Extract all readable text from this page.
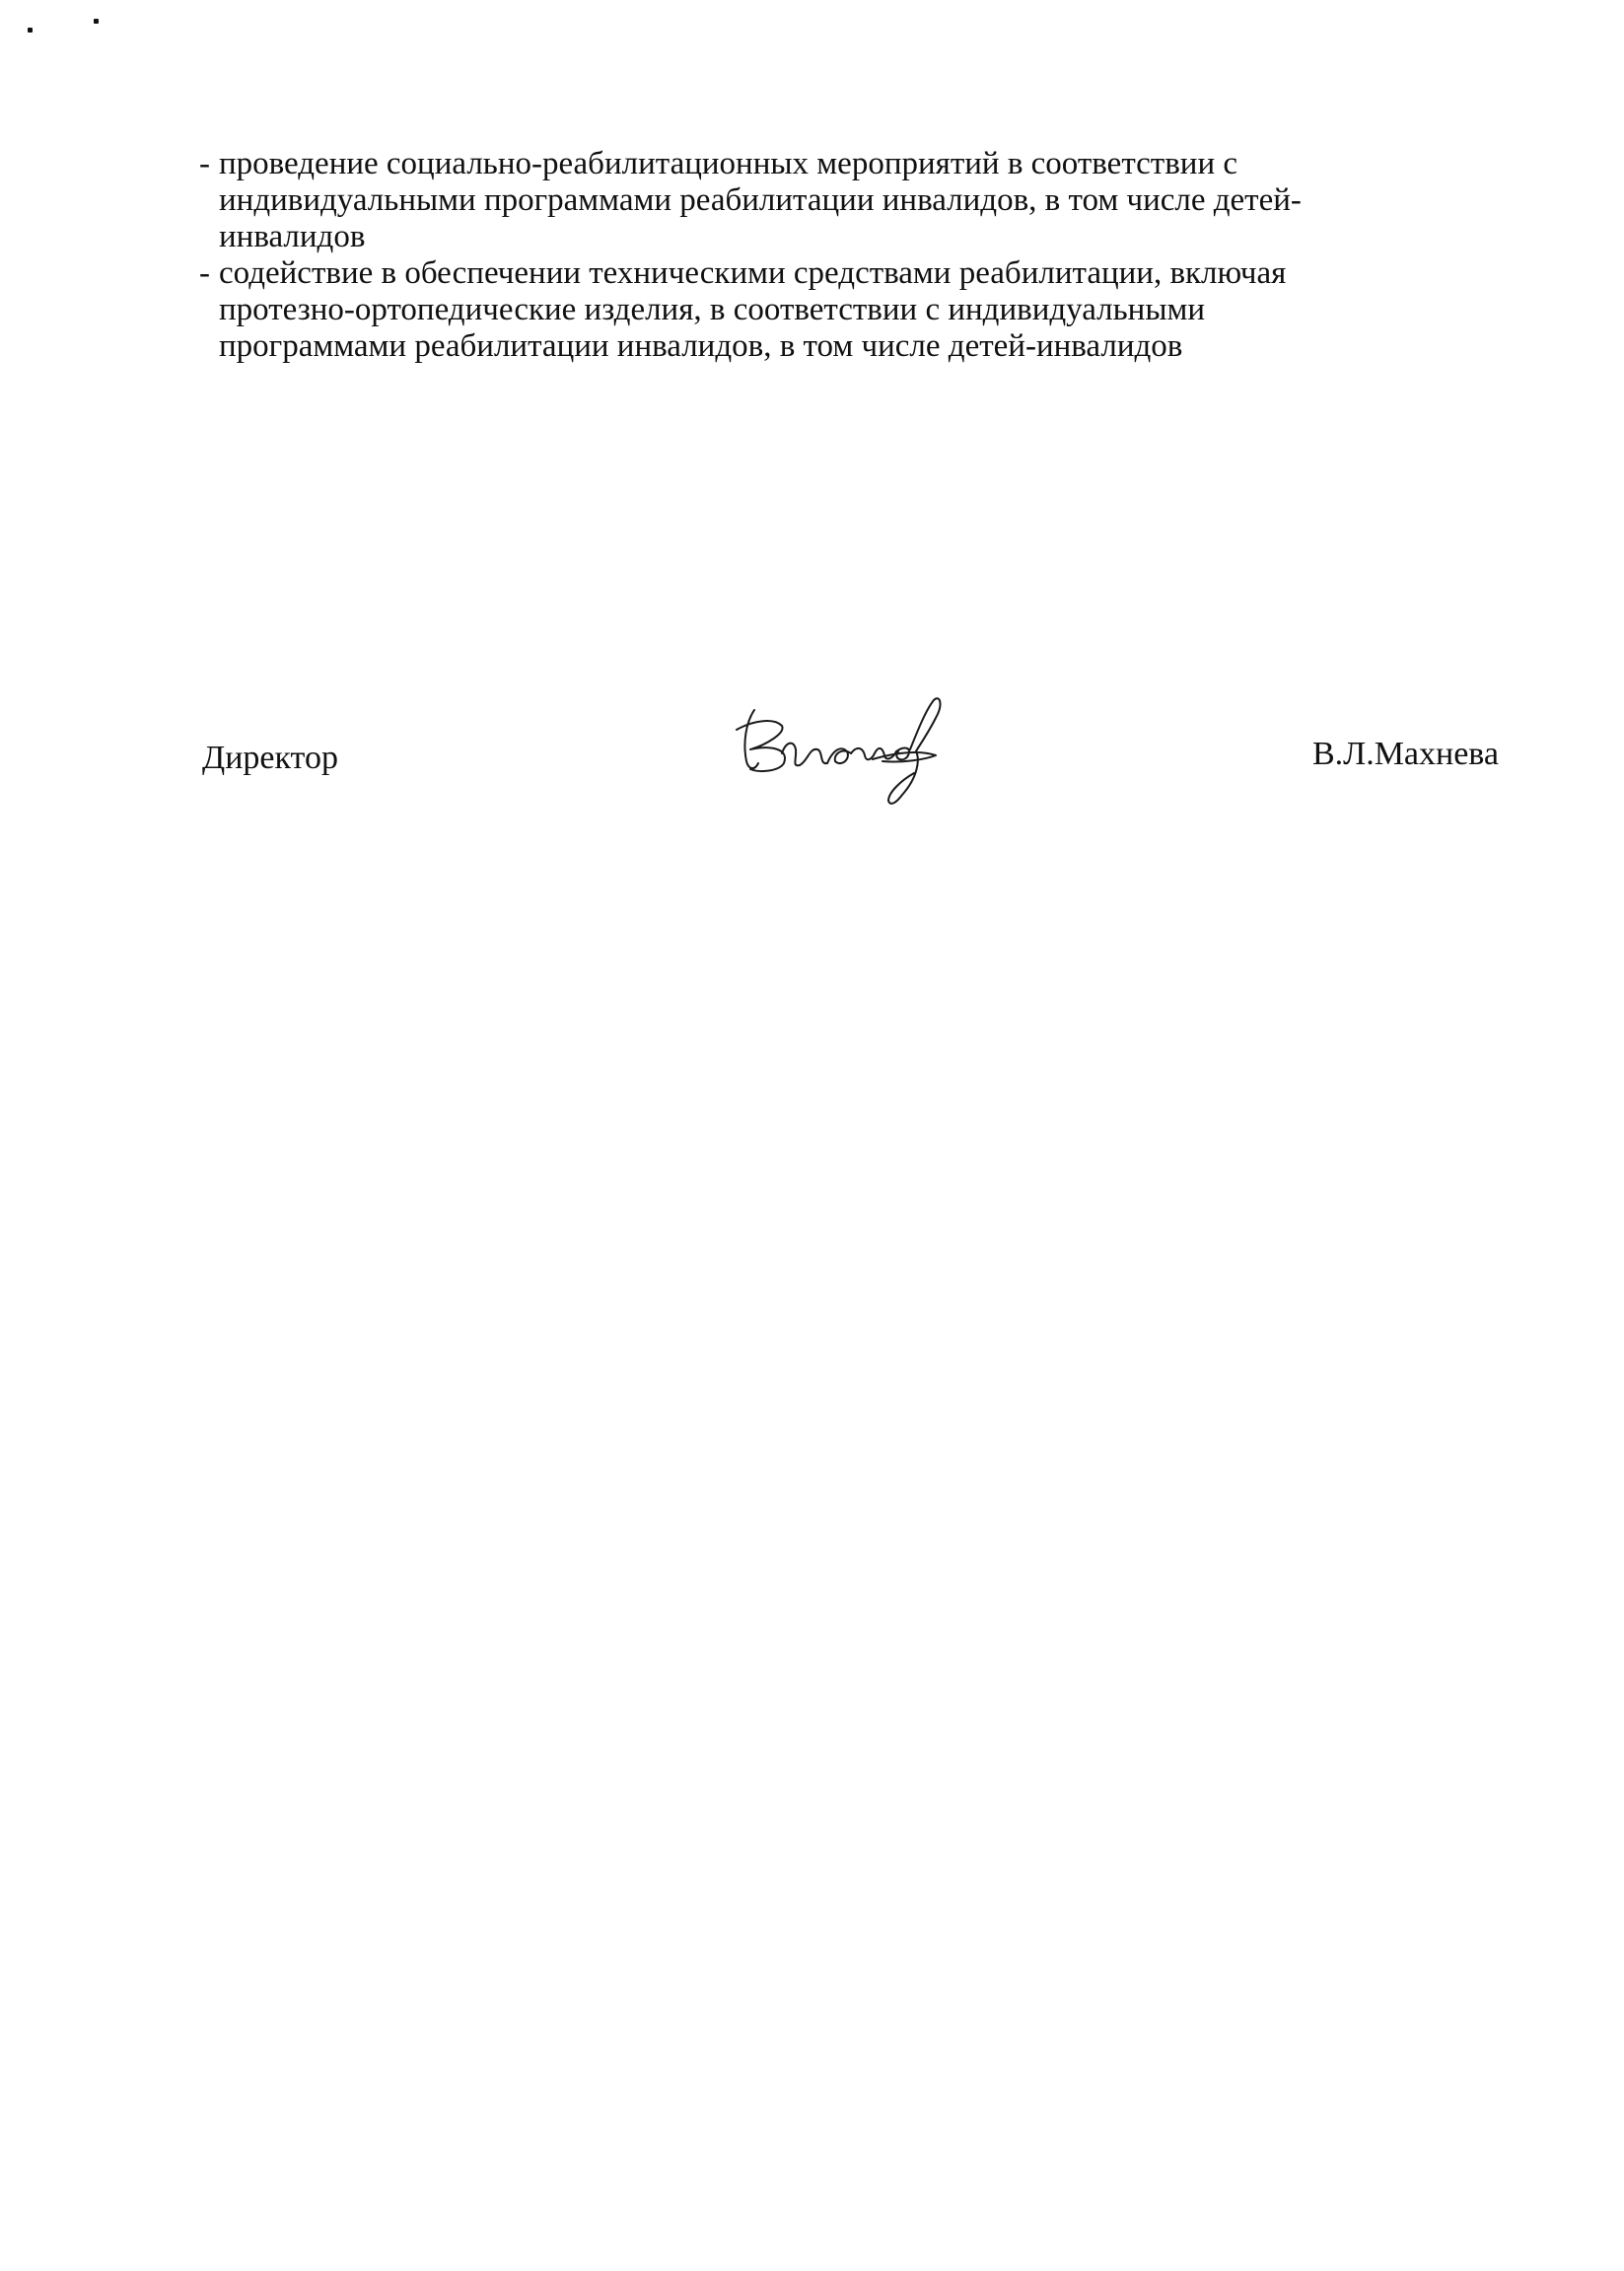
- проведение социально-реабилитационных мероприятий в соответствии с
индивидуальными программами реабилитации инвалидов, в том числе детей-
инвалидов
- содействие в обеспечении техническими средствами реабилитации, включая
протезно-ортопедические изделия, в соответствии с индивидуальными
программами реабилитации инвалидов, в том числе детей-инвалидов
Директор	В.Л.Махнева
